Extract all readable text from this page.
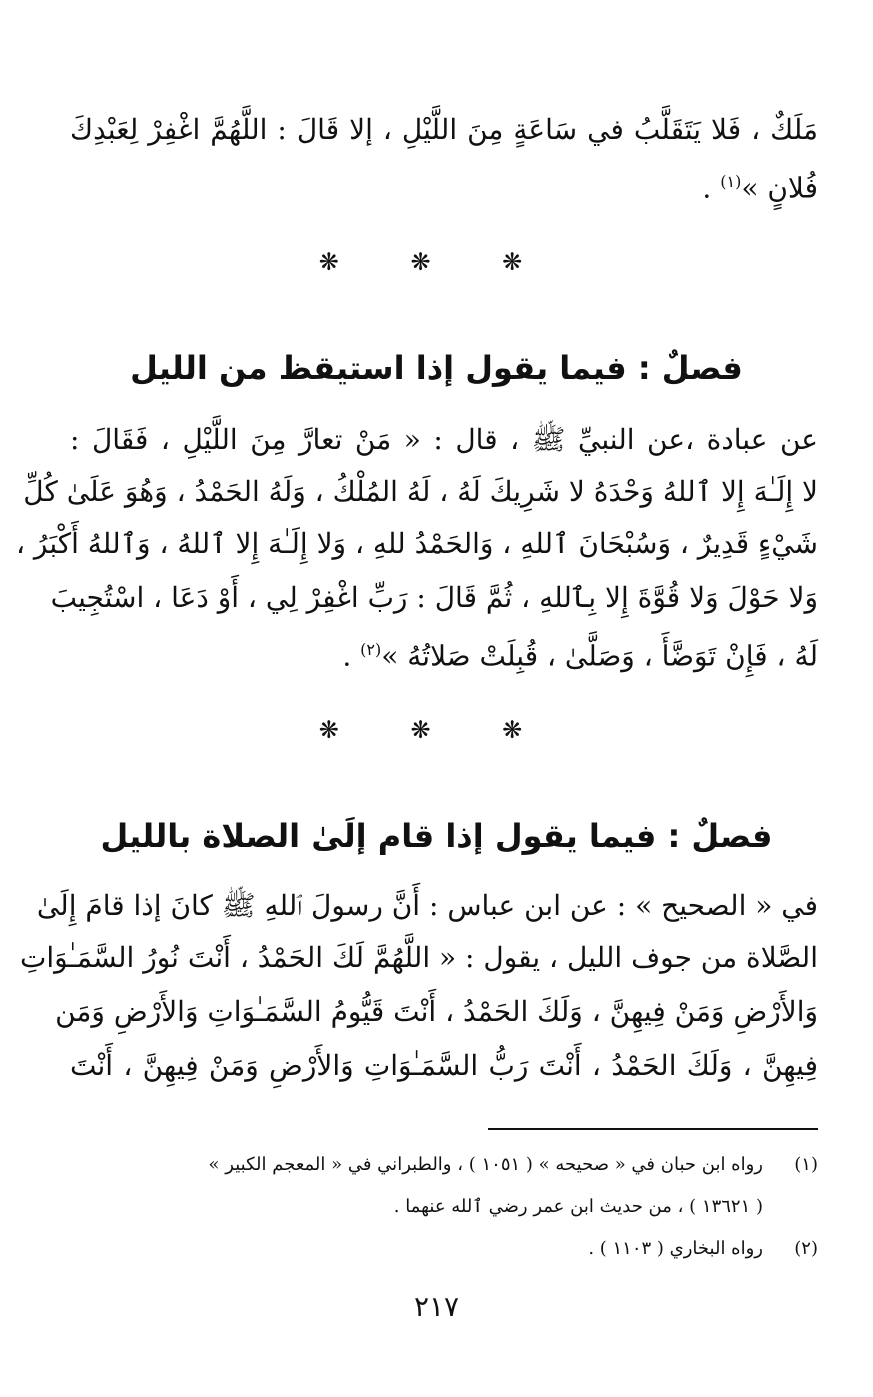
مَلَكٌ ، فَلا يَتَقَلَّبُ في سَاعَةٍ مِنَ اللَّيْلِ ، إلا قَالَ : اللَّهُمَّ اغْفِرْ لِعَبْدِكَ
فُلانٍ »$^{(١)}$ .
❋ ❋ ❋
فصلٌ : فيما يقول إذا استيقظ من الليل
عن عبادة ،عن النبيِّ ﷺ ، قال : « مَنْ تعارَّ مِنَ اللَّيْلِ ، فَقَالَ :
لا إِلَـٰهَ إِلا ٱللهُ وَحْدَهُ لا شَرِيكَ لَهُ ، لَهُ المُلْكُ ، وَلَهُ الحَمْدُ ، وَهُوَ عَلَىٰ كُلِّ
شَيْءٍ قَدِيرٌ ، وَسُبْحَانَ ٱللهِ ، وَالحَمْدُ للهِ ، وَلا إِلَـٰهَ إِلا ٱللهُ ، وَٱللهُ أَكْبَرُ ،
وَلا حَوْلَ وَلا قُوَّةَ إِلا بِٱللهِ ، ثُمَّ قَالَ : رَبِّ اغْفِرْ لِي ، أَوْ دَعَا ، اسْتُجِيبَ
لَهُ ، فَإِنْ تَوَضَّأَ ، وَصَلَّىٰ ، قُبِلَتْ صَلاتُهُ »$^{(٢)}$ .
❋ ❋ ❋
فصلٌ : فيما يقول إذا قام إلَىٰ الصلاة بالليل
في « الصحيح » : عن ابن عباس : أَنَّ رسولَ ٱللهِ ﷺ كانَ إذا قامَ إِلَىٰ
الصَّلاة من جوف الليل ، يقول : « اللَّهُمَّ لَكَ الحَمْدُ ، أَنْتَ نُورُ السَّمَـٰوَاتِ
وَالأَرْضِ وَمَنْ فِيهِنَّ ، وَلَكَ الحَمْدُ ، أَنْتَ قَيُّومُ السَّمَـٰوَاتِ وَالأَرْضِ وَمَن
فِيهِنَّ ، وَلَكَ الحَمْدُ ، أَنْتَ رَبُّ السَّمَـٰوَاتِ وَالأَرْضِ وَمَنْ فِيهِنَّ ، أَنْتَ
(١)رواه ابن حبان في « صحيحه » ( ١٠٥١ ) ، والطبراني في « المعجم الكبير »
( ١٣٦٢١ ) ، من حديث ابن عمر رضي ٱلله عنهما .
(٢)رواه البخاري ( ١١٠٣ ) .
٢١٧
